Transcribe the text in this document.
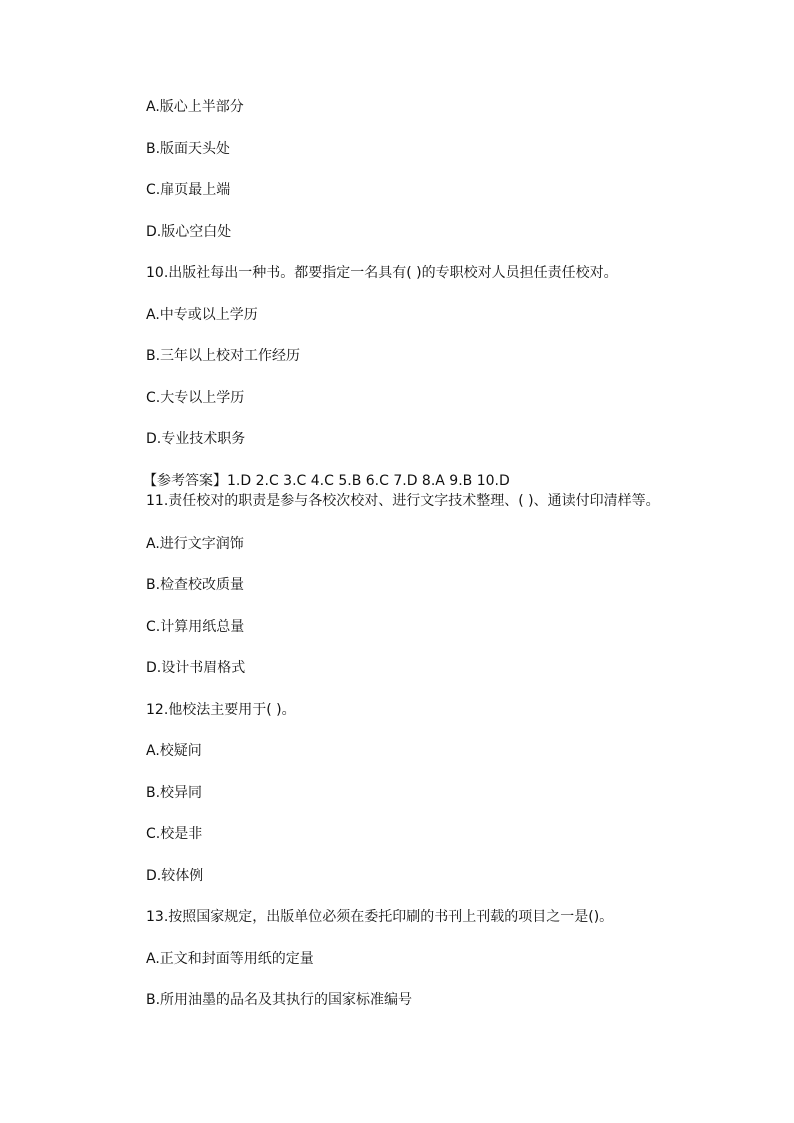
A.版心上半部分
B.版面天头处
C.扉页最上端
D.版心空白处
10.出版社每出一种书。都要指定一名具有( )的专职校对人员担任责任校对。
A.中专或以上学历
B.三年以上校对工作经历
C.大专以上学历
D.专业技术职务
【参考答案】1.D 2.C 3.C 4.C 5.B 6.C 7.D 8.A 9.B 10.D
11.责任校对的职责是参与各校次校对、进行文字技术整理、( )、通读付印清样等。
A.进行文字润饰
B.检查校改质量
C.计算用纸总量
D.设计书眉格式
12.他校法主要用于( )。
A.校疑问
B.校异同
C.校是非
D.较体例
13.按照国家规定，出版单位必须在委托印刷的书刊上刊载的项目之一是()。
A.正文和封面等用纸的定量
B.所用油墨的品名及其执行的国家标准编号
